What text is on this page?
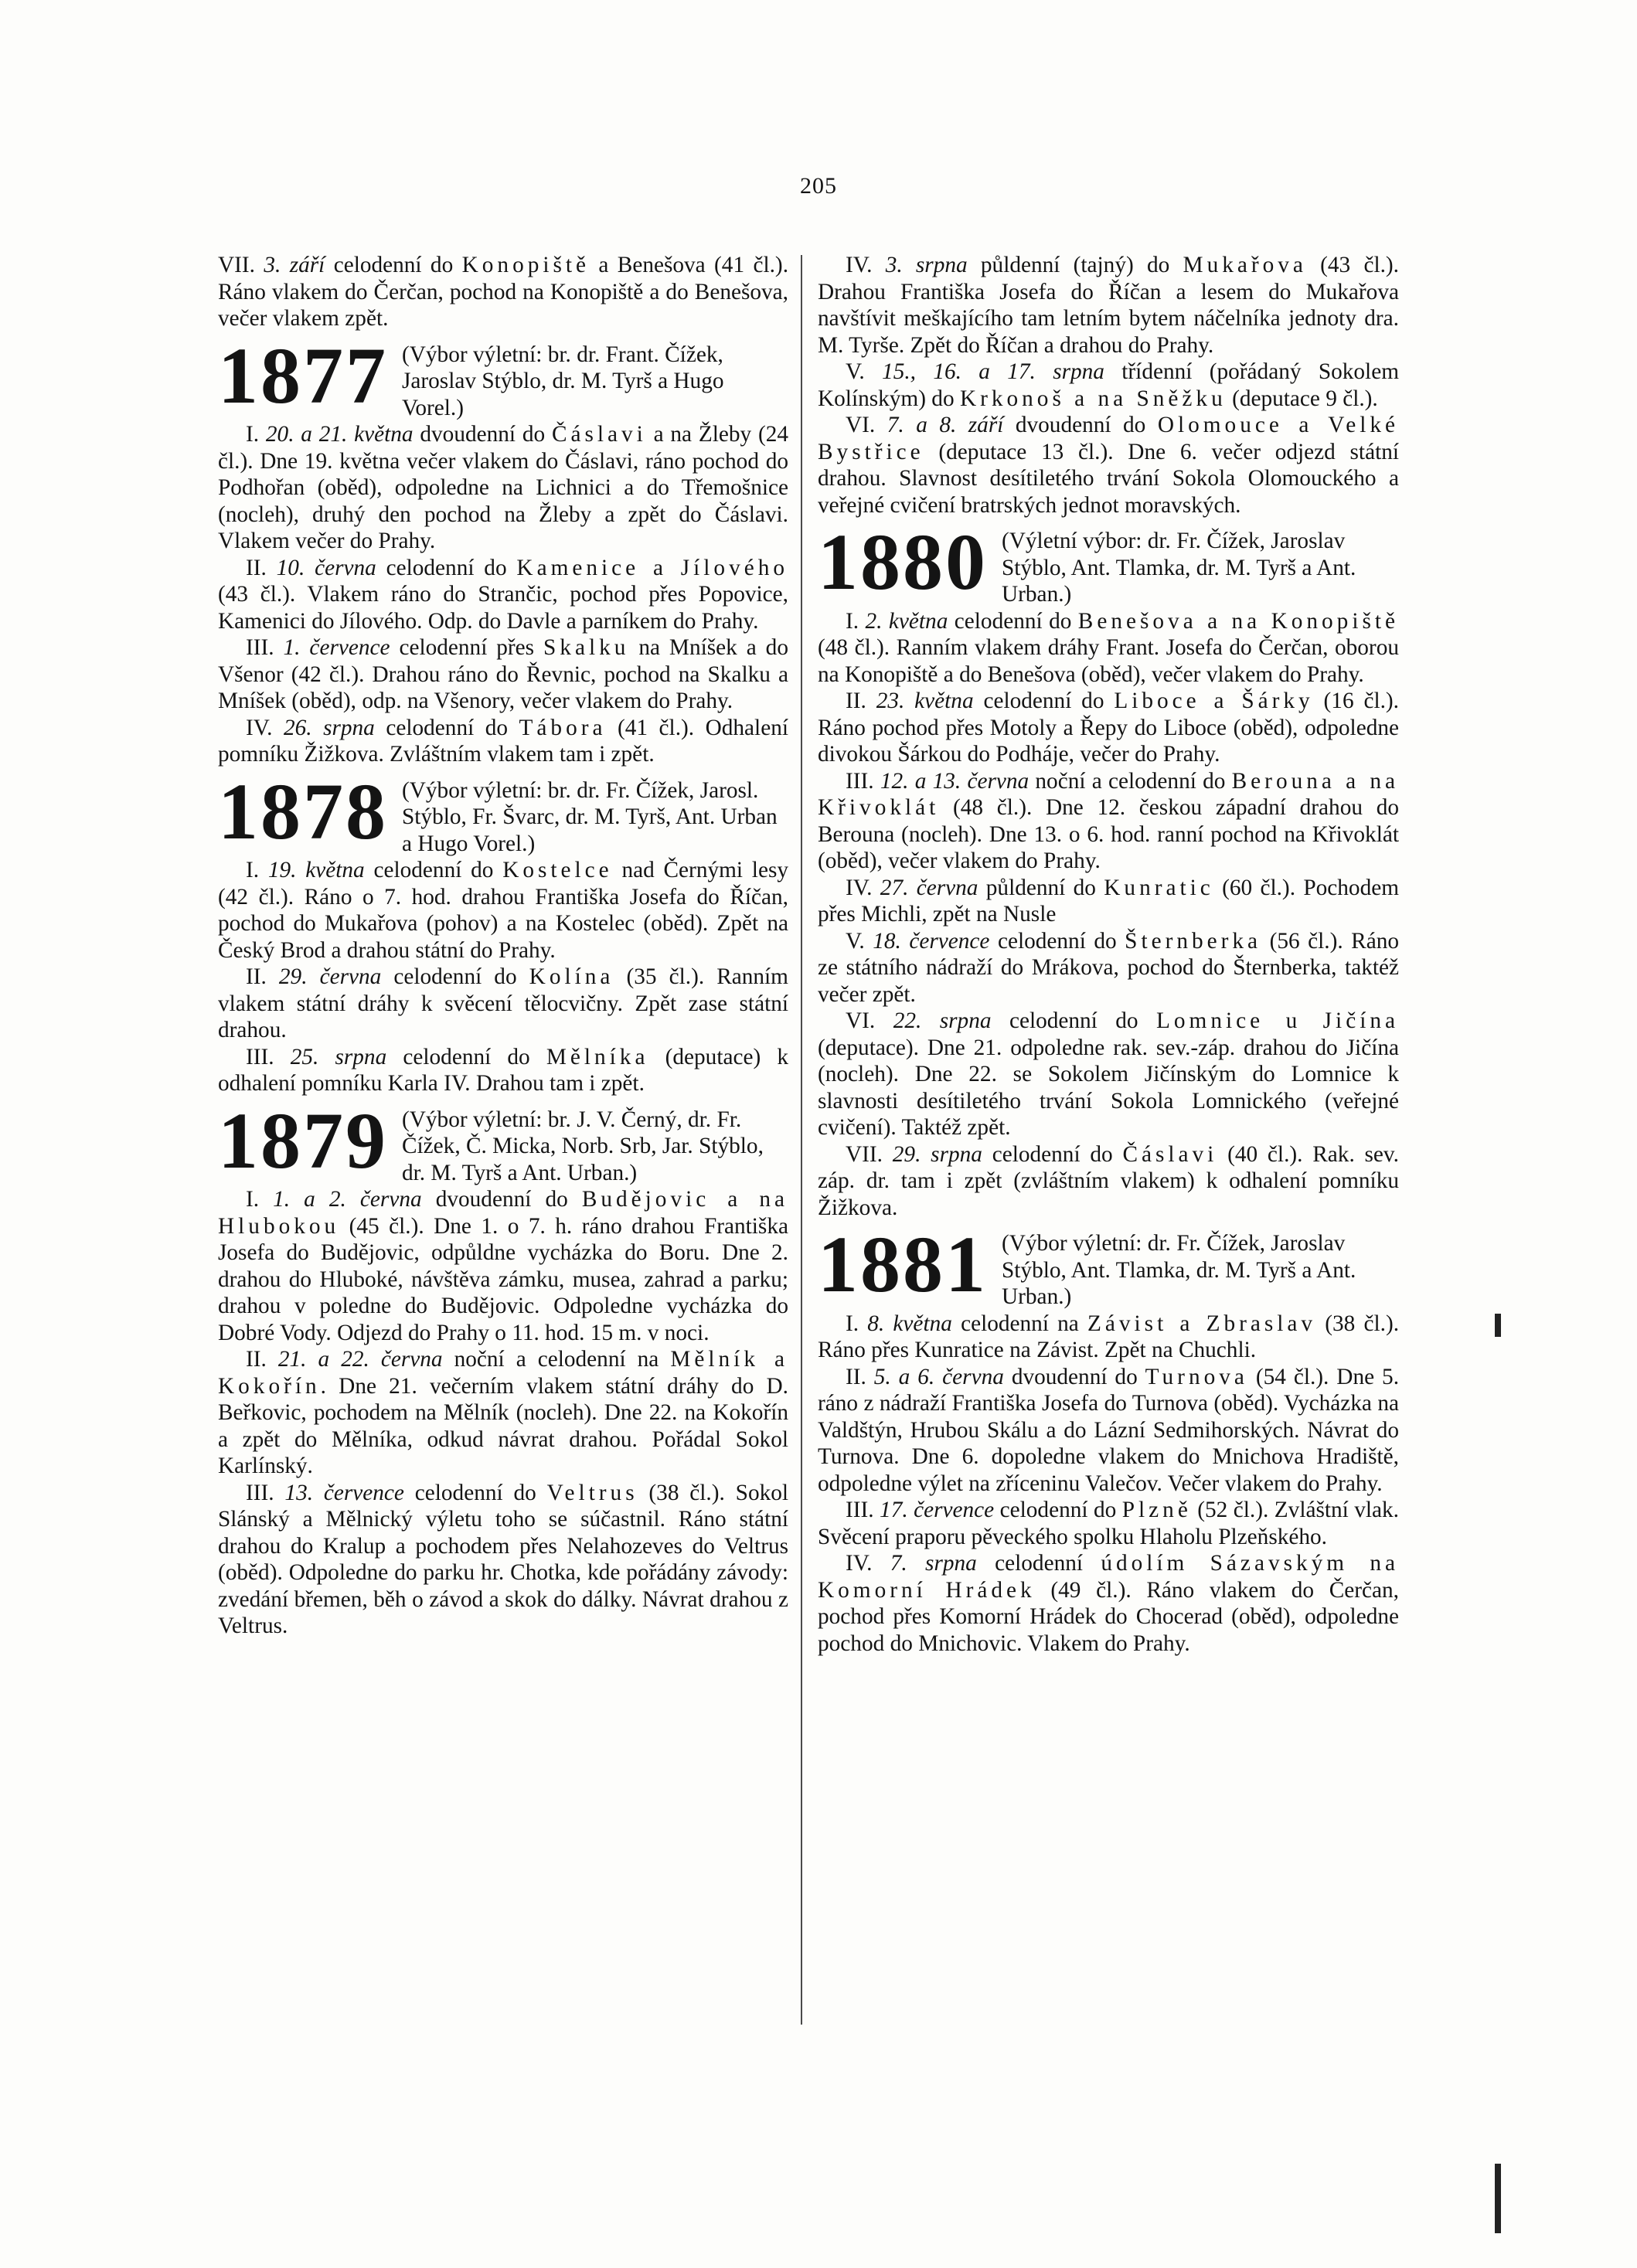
205

VII. 3. září celodenní do Konopiště a Benešova (41 čl.). Ráno vlakem do Čerčan, pochod na Konopiště a do Benešova, večer vlakem zpět.

1877 (Výbor výletní: br. dr. Frant. Čížek, Jaroslav Stýblo, dr. M. Tyrš a Hugo Vorel.)

I. 20. a 21. května dvoudenní do Čáslavi a na Žleby (24 čl.). Dne 19. května večer vlakem do Čáslavi, ráno pochod do Podhořan (oběd), odpoledne na Lichnici a do Třemošnice (nocleh), druhý den pochod na Žleby a zpět do Čáslavi. Vlakem večer do Prahy.

II. 10. června celodenní do Kamenice a Jílového (43 čl.). Vlakem ráno do Strančic, pochod přes Popovice, Kamenici do Jílového. Odp. do Davle a parníkem do Prahy.

III. 1. července celodenní přes Skalku na Mníšek a do Všenor (42 čl.). Drahou ráno do Řevnic, pochod na Skalku a Mníšek (oběd), odp. na Všenory, večer vlakem do Prahy.

IV. 26. srpna celodenní do Tábora (41 čl.). Odhalení pomníku Žižkova. Zvláštním vlakem tam i zpět.

1878 (Výbor výletní: br. dr. Fr. Čížek, Jarosl. Stýblo, Fr. Švarc, dr. M. Tyrš, Ant. Urban a Hugo Vorel.)

I. 19. května celodenní do Kostelce nad Černými lesy (42 čl.). Ráno o 7. hod. drahou Františka Josefa do Říčan, pochod do Mukařova (pohov) a na Kostelec (oběd). Zpět na Český Brod a drahou státní do Prahy.

II. 29. června celodenní do Kolína (35 čl.). Ranním vlakem státní dráhy k svěcení tělocvičny. Zpět zase státní drahou.

III. 25. srpna celodenní do Mělníka (deputace) k odhalení pomníku Karla IV. Drahou tam i zpět.

1879 (Výbor výletní: br. J. V. Černý, dr. Fr. Čížek, Č. Micka, Norb. Srb, Jar. Stýblo, dr. M. Tyrš a Ant. Urban.)

I. 1. a 2. června dvoudenní do Budějovic a na Hlubokou (45 čl.). Dne 1. o 7. h. ráno drahou Františka Josefa do Budějovic, odpůldne vycházka do Boru. Dne 2. drahou do Hluboké, návštěva zámku, musea, zahrad a parku; drahou v poledne do Budějovic. Odpoledne vycházka do Dobré Vody. Odjezd do Prahy o 11. hod. 15 m. v noci.

II. 21. a 22. června noční a celodenní na Mělník a Kokořín. Dne 21. večerním vlakem státní dráhy do D. Beřkovic, pochodem na Mělník (nocleh). Dne 22. na Kokořín a zpět do Mělníka, odkud návrat drahou. Pořádal Sokol Karlínský.

III. 13. července celodenní do Veltrus (38 čl.). Sokol Slánský a Mělnický výletu toho se súčastnil. Ráno státní drahou do Kralup a pochodem přes Nelahozeves do Veltrus (oběd). Odpoledne do parku hr. Chotka, kde pořádány závody: zvedání břemen, běh o závod a skok do dálky. Návrat drahou z Veltrus.

IV. 3. srpna půldenní (tajný) do Mukařova (43 čl.). Drahou Františka Josefa do Říčan a lesem do Mukařova navštívit meškajícího tam letním bytem náčelníka jednoty dra. M. Tyrše. Zpět do Říčan a drahou do Prahy.

V. 15., 16. a 17. srpna třídenní (pořádaný Sokolem Kolínským) do Krkonoš a na Sněžku (deputace 9 čl.).

VI. 7. a 8. září dvoudenní do Olomouce a Velké Bystřice (deputace 13 čl.). Dne 6. večer odjezd státní drahou. Slavnost desítiletého trvání Sokola Olomouckého a veřejné cvičení bratrských jednot moravských.

1880 (Výletní výbor: dr. Fr. Čížek, Jaroslav Stýblo, Ant. Tlamka, dr. M. Tyrš a Ant. Urban.)

I. 2. května celodenní do Benešova a na Konopiště (48 čl.). Ranním vlakem dráhy Frant. Josefa do Čerčan, oborou na Konopiště a do Benešova (oběd), večer vlakem do Prahy.

II. 23. května celodenní do Liboce a Šárky (16 čl.). Ráno pochod přes Motoly a Řepy do Liboce (oběd), odpoledne divokou Šárkou do Podháje, večer do Prahy.

III. 12. a 13. června noční a celodenní do Berouna a na Křivoklát (48 čl.). Dne 12. českou západní drahou do Berouna (nocleh). Dne 13. o 6. hod. ranní pochod na Křivoklát (oběd), večer vlakem do Prahy.

IV. 27. června půldenní do Kunratic (60 čl.). Pochodem přes Michli, zpět na Nusle

V. 18. července celodenní do Šternberka (56 čl.). Ráno ze státního nádraží do Mrákova, pochod do Šternberka, taktéž večer zpět.

VI. 22. srpna celodenní do Lomnice u Jičína (deputace). Dne 21. odpoledne rak. sev.-záp. drahou do Jičína (nocleh). Dne 22. se Sokolem Jičínským do Lomnice k slavnosti desítiletého trvání Sokola Lomnického (veřejné cvičení). Taktéž zpět.

VII. 29. srpna celodenní do Čáslavi (40 čl.). Rak. sev. záp. dr. tam i zpět (zvláštním vlakem) k odhalení pomníku Žižkova.

1881 (Výbor výletní: dr. Fr. Čížek, Jaroslav Stýblo, Ant. Tlamka, dr. M. Tyrš a Ant. Urban.)

I. 8. května celodenní na Závist a Zbraslav (38 čl.). Ráno přes Kunratice na Závist. Zpět na Chuchli.

II. 5. a 6. června dvoudenní do Turnova (54 čl.). Dne 5. ráno z nádraží Františka Josefa do Turnova (oběd). Vycházka na Valdštýn, Hrubou Skálu a do Lázní Sedmihorských. Návrat do Turnova. Dne 6. dopoledne vlakem do Mnichova Hradiště, odpoledne výlet na zříceninu Valečov. Večer vlakem do Prahy.

III. 17. července celodenní do Plzně (52 čl.). Zvláštní vlak. Svěcení praporu pěveckého spolku Hlaholu Plzeňského.

IV. 7. srpna celodenní údolím Sázavským na Komorní Hrádek (49 čl.). Ráno vlakem do Čerčan, pochod přes Komorní Hrádek do Chocerad (oběd), odpoledne pochod do Mnichovic. Vlakem do Prahy.
